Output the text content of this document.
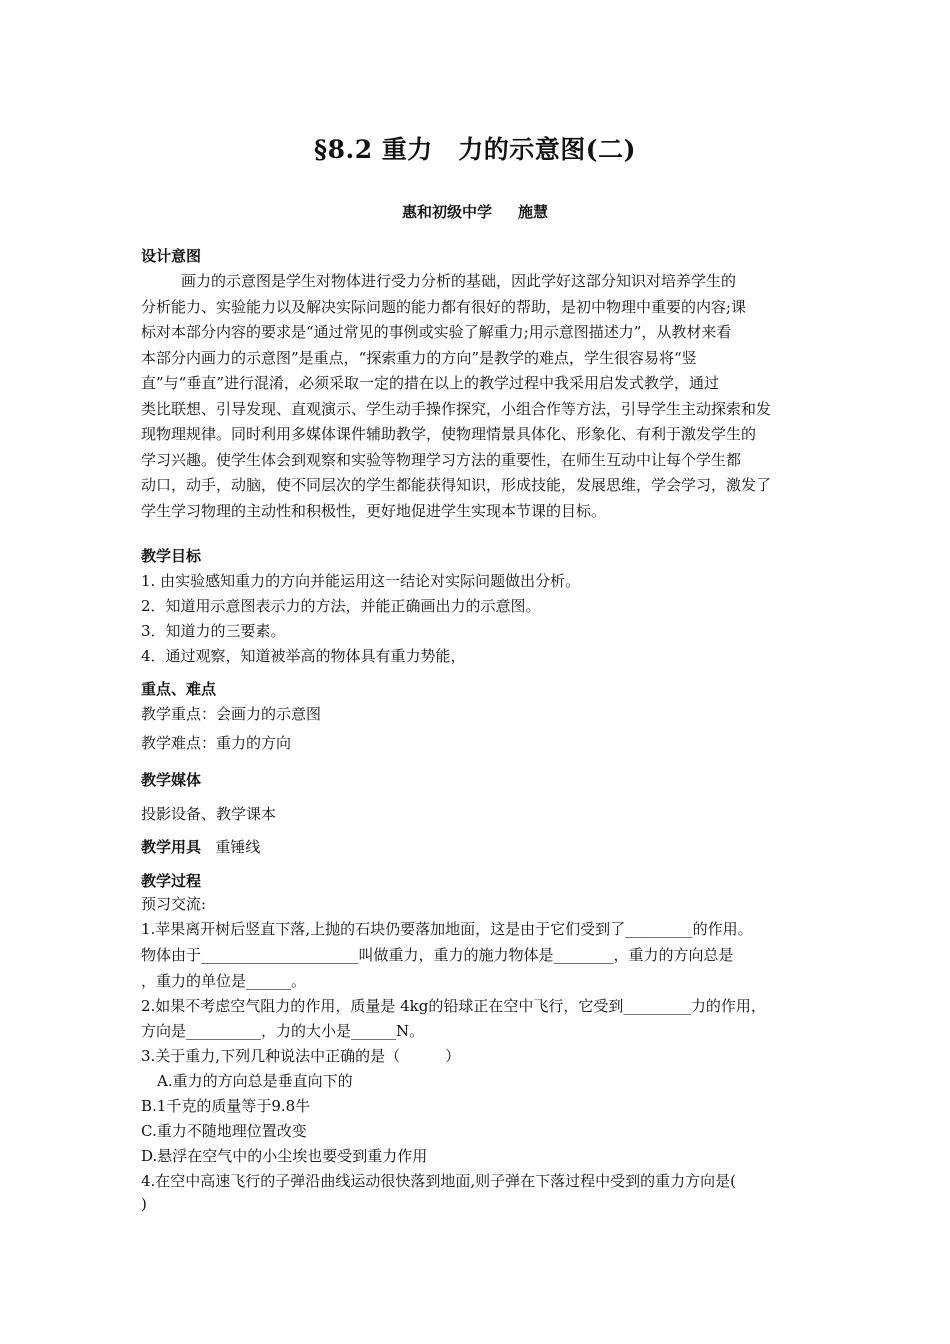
§8.2 重力　力的示意图(二)
惠和初级中学 施慧
设计意图
画力的示意图是学生对物体进行受力分析的基础，因此学好这部分知识对培养学生的
分析能力、实验能力以及解决实际问题的能力都有很好的帮助，是初中物理中重要的内容;课
标对本部分内容的要求是“通过常见的事例或实验了解重力;用示意图描述力”，从教材来看
本部分内画力的示意图”是重点，“探索重力的方向”是教学的难点，学生很容易将“竖
直”与“垂直”进行混淆，必须采取一定的措在以上的教学过程中我采用启发式教学，通过
类比联想、引导发现、直观演示、学生动手操作探究，小组合作等方法，引导学生主动探索和发
现物理规律。同时利用多媒体课件辅助教学，使物理情景具体化、形象化、有利于激发学生的
学习兴趣。使学生体会到观察和实验等物理学习方法的重要性，在师生互动中让每个学生都
动口，动手，动脑，使不同层次的学生都能获得知识，形成技能，发展思维，学会学习，激发了
学生学习物理的主动性和积极性，更好地促进学生实现本节课的目标。
教学目标
1. 由实验感知重力的方向并能运用这一结论对实际问题做出分析。
2．知道用示意图表示力的方法，并能正确画出力的示意图。
3．知道力的三要素。
4．通过观察，知道被举高的物体具有重力势能，
重点、难点
教学重点：会画力的示意图
教学难点：重力的方向
教学媒体
投影设备、教学课本
教学用具 重锤线
教学过程
预习交流:
1.苹果离开树后竖直下落,上抛的石块仍要落加地面，这是由于它们受到了_________的作用。
物体由于_____________________叫做重力，重力的施力物体是________，重力的方向总是
，重力的单位是______。
2.如果不考虑空气阻力的作用，质量是 4kg的铅球正在空中飞行，它受到_________力的作用，
方向是__________，力的大小是______N。
3.关于重力,下列几种说法中正确的是（　　　）
A.重力的方向总是垂直向下的
B.1千克的质量等于9.8牛
C.重力不随地理位置改变
D.悬浮在空气中的小尘埃也要受到重力作用
4.在空中高速飞行的子弹沿曲线运动很快落到地面,则子弹在下落过程中受到的重力方向是(
)
